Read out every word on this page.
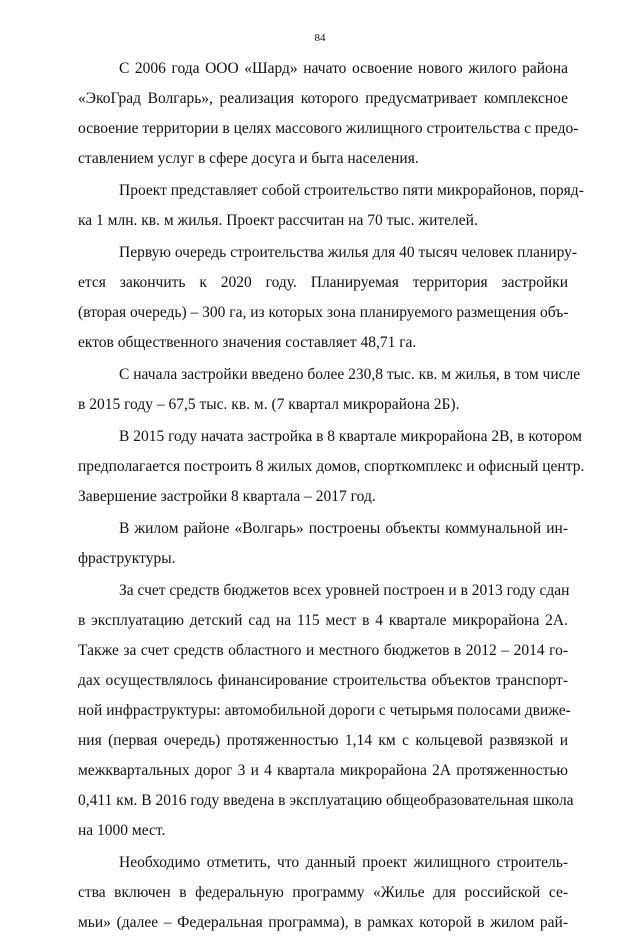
84
С 2006 года ООО «Шард» начато освоение нового жилого района
«ЭкоГрад Волгарь», реализация которого предусматривает комплексное
освоение территории в целях массового жилищного строительства с предо-
ставлением услуг в сфере досуга и быта населения.
Проект представляет собой строительство пяти микрорайонов, поряд-
ка 1 млн. кв. м жилья. Проект рассчитан на 70 тыс. жителей.
Первую очередь строительства жилья для 40 тысяч человек планиру-
ется закончить к 2020 году. Планируемая территория застройки
(вторая очередь) – 300 га, из которых зона планируемого размещения объ-
ектов общественного значения составляет 48,71 га.
С начала застройки введено более 230,8 тыс. кв. м жилья, в том числе
в 2015 году – 67,5 тыс. кв. м. (7 квартал микрорайона 2Б).
В 2015 году начата застройка в 8 квартале микрорайона 2В, в котором
предполагается построить 8 жилых домов, спорткомплекс и офисный центр.
Завершение застройки 8 квартала – 2017 год.
В жилом районе «Волгарь» построены объекты коммунальной ин-
фраструктуры.
За счет средств бюджетов всех уровней построен и в 2013 году сдан
в эксплуатацию детский сад на 115 мест в 4 квартале микрорайона 2А.
Также за счет средств областного и местного бюджетов в 2012 – 2014 го-
дах осуществлялось финансирование строительства объектов транспорт-
ной инфраструктуры: автомобильной дороги с четырьмя полосами движе-
ния (первая очередь) протяженностью 1,14 км с кольцевой развязкой и
межквартальных дорог 3 и 4 квартала микрорайона 2А протяженностью
0,411 км. В 2016 году введена в эксплуатацию общеобразовательная школа
на 1000 мест.
Необходимо отметить, что данный проект жилищного строитель-
ства включен в федеральную программу «Жилье для российской се-
мьи» (далее – Федеральная программа), в рамках которой в жилом рай-
